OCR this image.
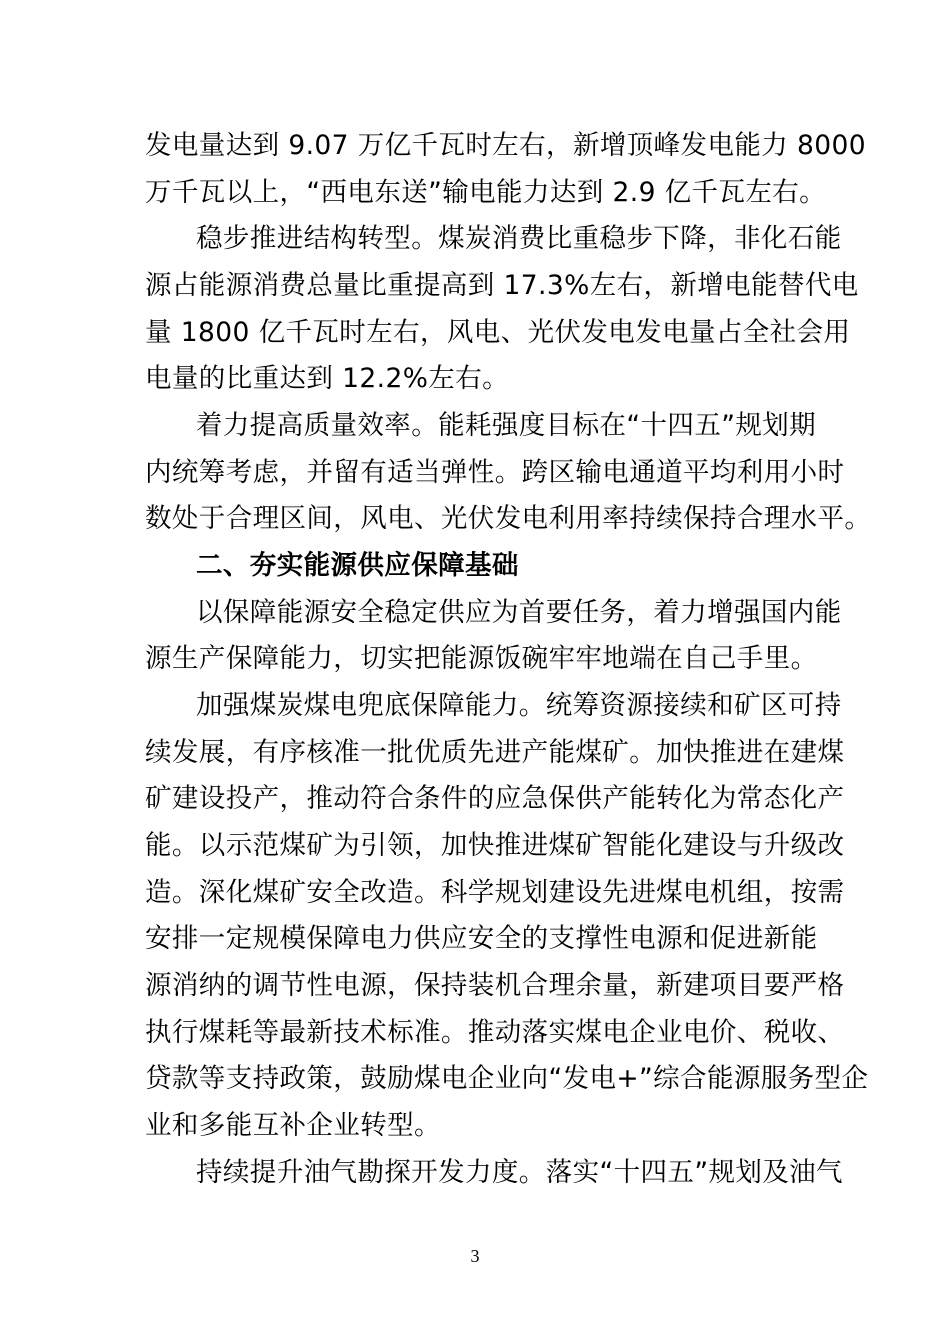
发电量达到 9.07 万亿千瓦时左右，新增顶峰发电能力 8000
万千瓦以上，“西电东送”输电能力达到 2.9 亿千瓦左右。
稳步推进结构转型。煤炭消费比重稳步下降，非化石能
源占能源消费总量比重提高到 17.3%左右，新增电能替代电
量 1800 亿千瓦时左右，风电、光伏发电发电量占全社会用
电量的比重达到 12.2%左右。
着力提高质量效率。能耗强度目标在“十四五”规划期
内统筹考虑，并留有适当弹性。跨区输电通道平均利用小时
数处于合理区间，风电、光伏发电利用率持续保持合理水平。
二、夯实能源供应保障基础
以保障能源安全稳定供应为首要任务，着力增强国内能
源生产保障能力，切实把能源饭碗牢牢地端在自己手里。
加强煤炭煤电兜底保障能力。统筹资源接续和矿区可持
续发展，有序核准一批优质先进产能煤矿。加快推进在建煤
矿建设投产，推动符合条件的应急保供产能转化为常态化产
能。以示范煤矿为引领，加快推进煤矿智能化建设与升级改
造。深化煤矿安全改造。科学规划建设先进煤电机组，按需
安排一定规模保障电力供应安全的支撑性电源和促进新能
源消纳的调节性电源，保持装机合理余量，新建项目要严格
执行煤耗等最新技术标准。推动落实煤电企业电价、税收、
贷款等支持政策，鼓励煤电企业向“发电+”综合能源服务型企
业和多能互补企业转型。
持续提升油气勘探开发力度。落实“十四五”规划及油气
3
